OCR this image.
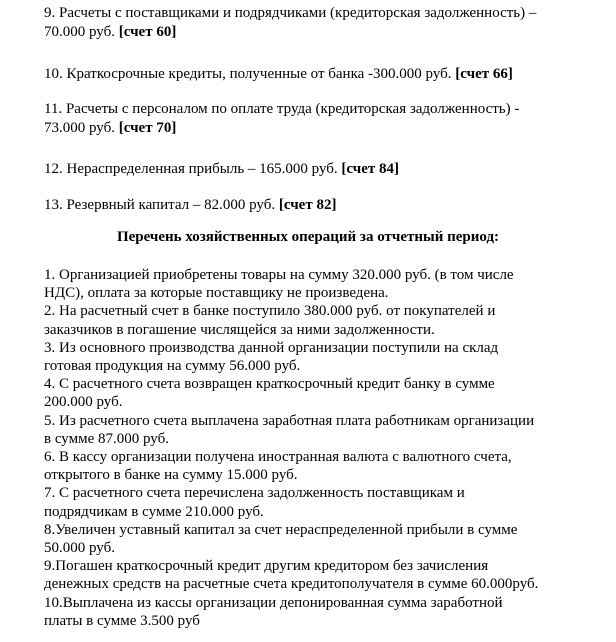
9. Расчеты с поставщиками и подрядчиками (кредиторская задолженность) –
70.000 руб. [счет 60]

10. Краткосрочные кредиты, полученные от банка -300.000 руб. [счет 66]

11. Расчеты с персоналом по оплате труда (кредиторская задолженность) -
73.000 руб. [счет 70]

12. Нераспределенная прибыль – 165.000 руб. [счет 84]

13. Резервный капитал – 82.000 руб. [счет 82]

Перечень хозяйственных операций за отчетный период:

1. Организацией приобретены товары на сумму 320.000 руб. (в том числе
НДС), оплата за которые поставщику не произведена.
2. На расчетный счет в банке поступило 380.000 руб. от покупателей и
заказчиков в погашение числящейся за ними задолженности.
3. Из основного производства данной организации поступили на склад
готовая продукция на сумму 56.000 руб.
4. С расчетного счета возвращен краткосрочный кредит банку в сумме
200.000 руб.
5. Из расчетного счета выплачена заработная плата работникам организации
в сумме 87.000 руб.
6. В кассу организации получена иностранная валюта с валютного счета,
открытого в банке на сумму 15.000 руб.
7. С расчетного счета перечислена задолженность поставщикам и
подрядчикам в сумме 210.000 руб.
8.Увеличен уставный капитал за счет нераспределенной прибыли в сумме
50.000 руб.
9.Погашен краткосрочный кредит другим кредитором без зачисления
денежных средств на расчетные счета кредитополучателя в сумме 60.000руб.
10.Выплачена из кассы организации депонированная сумма заработной
платы в сумме 3.500 руб
